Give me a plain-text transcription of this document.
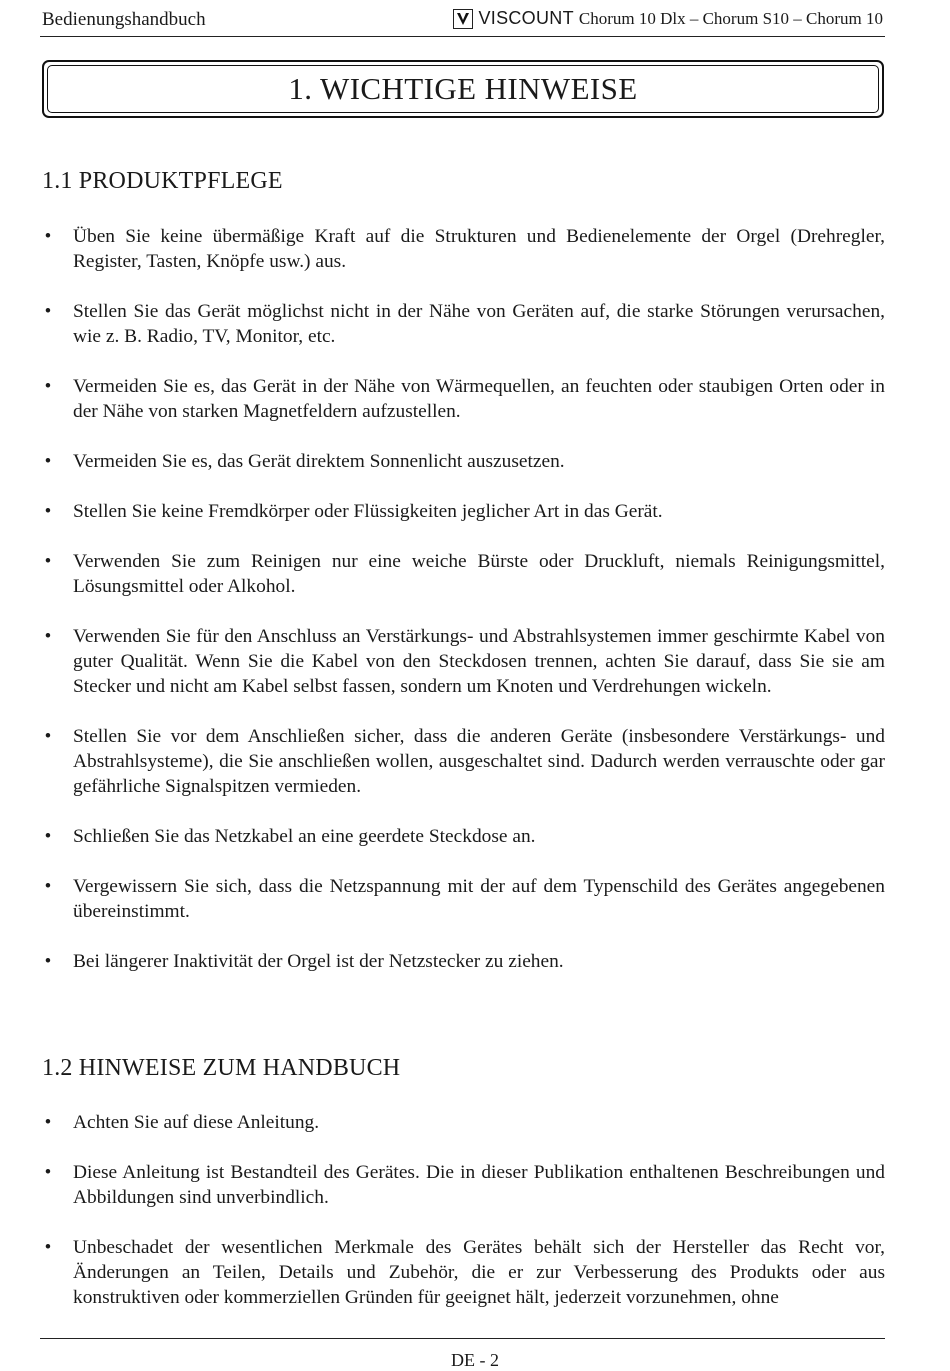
Bedienungshandbuch	VISCOUNT Chorum 10 Dlx – Chorum S10 – Chorum 10
1. WICHTIGE HINWEISE
1.1 PRODUKTPFLEGE
• Üben Sie keine übermäßige Kraft auf die Strukturen und Bedienelemente der Orgel (Drehregler, Register, Tasten, Knöpfe usw.) aus.
• Stellen Sie das Gerät möglichst nicht in der Nähe von Geräten auf, die starke Störungen verursachen, wie z. B. Radio, TV, Monitor, etc.
• Vermeiden Sie es, das Gerät in der Nähe von Wärmequellen, an feuchten oder staubigen Orten oder in der Nähe von starken Magnetfeldern aufzustellen.
• Vermeiden Sie es, das Gerät direktem Sonnenlicht auszusetzen.
• Stellen Sie keine Fremdkörper oder Flüssigkeiten jeglicher Art in das Gerät.
• Verwenden Sie zum Reinigen nur eine weiche Bürste oder Druckluft, niemals Reinigungsmittel, Lösungsmittel oder Alkohol.
• Verwenden Sie für den Anschluss an Verstärkungs- und Abstrahlsystemen immer geschirmte Kabel von guter Qualität. Wenn Sie die Kabel von den Steckdosen trennen, achten Sie darauf, dass Sie sie am Stecker und nicht am Kabel selbst fassen, sondern um Knoten und Verdrehungen wickeln.
• Stellen Sie vor dem Anschließen sicher, dass die anderen Geräte (insbesondere Verstärkungs- und Abstrahlsysteme), die Sie anschließen wollen, ausgeschaltet sind. Dadurch werden verrauschte oder gar gefährliche Signalspitzen vermieden.
• Schließen Sie das Netzkabel an eine geerdete Steckdose an.
• Vergewissern Sie sich, dass die Netzspannung mit der auf dem Typenschild des Gerätes angegebenen übereinstimmt.
• Bei längerer Inaktivität der Orgel ist der Netzstecker zu ziehen.
1.2 HINWEISE ZUM HANDBUCH
• Achten Sie auf diese Anleitung.
• Diese Anleitung ist Bestandteil des Gerätes. Die in dieser Publikation enthaltenen Beschreibungen und Abbildungen sind unverbindlich.
• Unbeschadet der wesentlichen Merkmale des Gerätes behält sich der Hersteller das Recht vor, Änderungen an Teilen, Details und Zubehör, die er zur Verbesserung des Produkts oder aus konstruktiven oder kommerziellen Gründen für geeignet hält, jederzeit vorzunehmen, ohne
DE - 2
